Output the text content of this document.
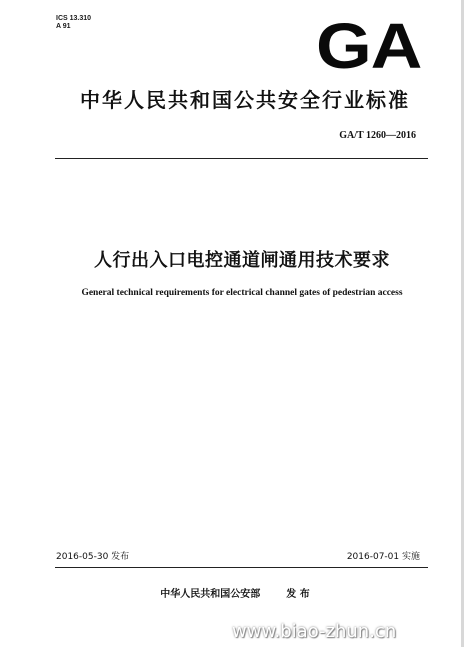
ICS 13.310
A 91	GA
中华人民共和国公共安全行业标准
GA/T 1260—2016
人行出入口电控通道闸通用技术要求
General technical requirements for electrical channel gates of pedestrian access
2016-05-30 发布	2016-07-01 实施
中华人民共和国公安部	发 布
www.biao-zhun.cn
